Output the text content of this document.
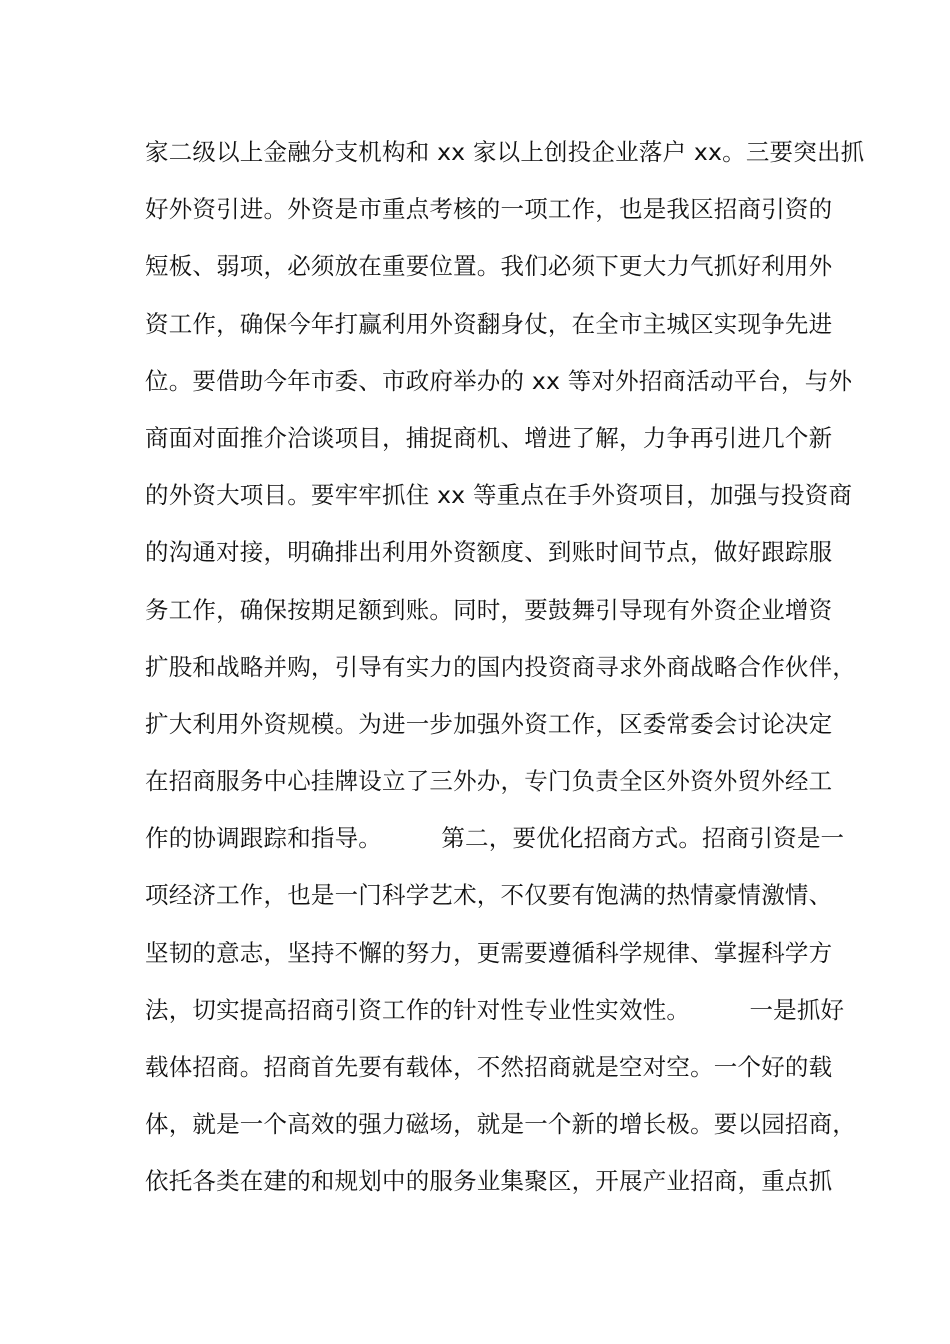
家二级以上金融分支机构和 xx 家以上创投企业落户 xx。三要突出抓
好外资引进。外资是市重点考核的一项工作，也是我区招商引资的
短板、弱项，必须放在重要位置。我们必须下更大力气抓好利用外
资工作，确保今年打赢利用外资翻身仗，在全市主城区实现争先进
位。要借助今年市委、市政府举办的 xx 等对外招商活动平台，与外
商面对面推介洽谈项目，捕捉商机、增进了解，力争再引进几个新
的外资大项目。要牢牢抓住 xx 等重点在手外资项目，加强与投资商
的沟通对接，明确排出利用外资额度、到账时间节点，做好跟踪服
务工作，确保按期足额到账。同时，要鼓舞引导现有外资企业增资
扩股和战略并购，引导有实力的国内投资商寻求外商战略合作伙伴，
扩大利用外资规模。为进一步加强外资工作，区委常委会讨论决定
在招商服务中心挂牌设立了三外办，专门负责全区外资外贸外经工
作的协调跟踪和指导。　　　第二，要优化招商方式。招商引资是一
项经济工作，也是一门科学艺术，不仅要有饱满的热情豪情激情、
坚韧的意志，坚持不懈的努力，更需要遵循科学规律、掌握科学方
法，切实提高招商引资工作的针对性专业性实效性。　　　一是抓好
载体招商。招商首先要有载体，不然招商就是空对空。一个好的载
体，就是一个高效的强力磁场，就是一个新的增长极。要以园招商，
依托各类在建的和规划中的服务业集聚区，开展产业招商，重点抓
